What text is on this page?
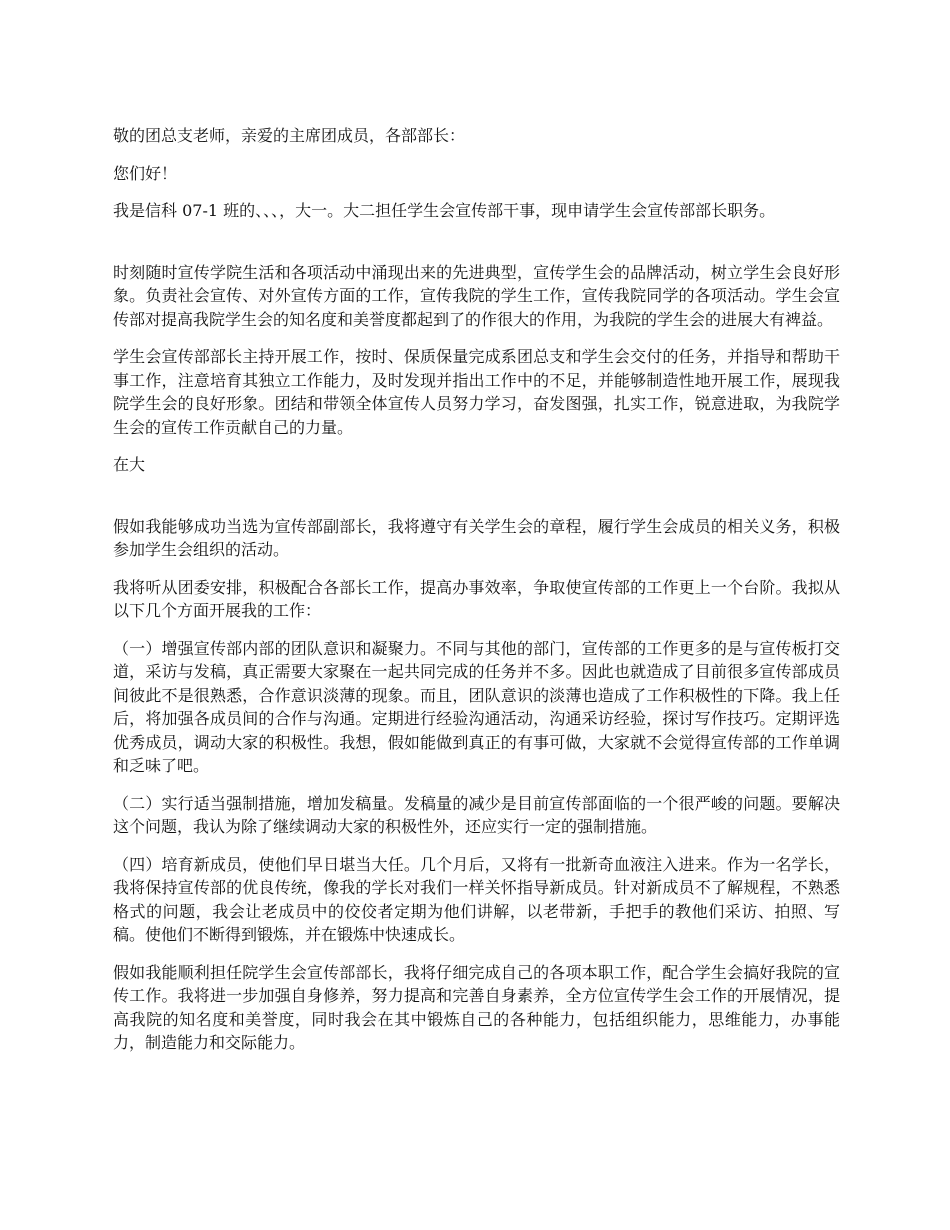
敬的团总支老师，亲爱的主席团成员，各部部长：

您们好！

我是信科 07-1 班的、、、，大一。大二担任学生会宣传部干事，现申请学生会宣传部部长职务。

时刻随时宣传学院生活和各项活动中涌现出来的先进典型，宣传学生会的品牌活动，树立学生会良好形象。负责社会宣传、对外宣传方面的工作，宣传我院的学生工作，宣传我院同学的各项活动。学生会宣传部对提高我院学生会的知名度和美誉度都起到了的作很大的作用，为我院的学生会的进展大有裨益。

学生会宣传部部长主持开展工作，按时、保质保量完成系团总支和学生会交付的任务，并指导和帮助干事工作，注意培育其独立工作能力，及时发现并指出工作中的不足，并能够制造性地开展工作，展现我院学生会的良好形象。团结和带领全体宣传人员努力学习，奋发图强，扎实工作，锐意进取，为我院学生会的宣传工作贡献自己的力量。

在大

假如我能够成功当选为宣传部副部长，我将遵守有关学生会的章程，履行学生会成员的相关义务，积极参加学生会组织的活动。

我将听从团委安排，积极配合各部长工作，提高办事效率，争取使宣传部的工作更上一个台阶。我拟从以下几个方面开展我的工作：

（一）增强宣传部内部的团队意识和凝聚力。不同与其他的部门，宣传部的工作更多的是与宣传板打交道，采访与发稿，真正需要大家聚在一起共同完成的任务并不多。因此也就造成了目前很多宣传部成员间彼此不是很熟悉，合作意识淡薄的现象。而且，团队意识的淡薄也造成了工作积极性的下降。我上任后，将加强各成员间的合作与沟通。定期进行经验沟通活动，沟通采访经验，探讨写作技巧。定期评选优秀成员，调动大家的积极性。我想，假如能做到真正的有事可做，大家就不会觉得宣传部的工作单调和乏味了吧。

（二）实行适当强制措施，增加发稿量。发稿量的减少是目前宣传部面临的一个很严峻的问题。要解决这个问题，我认为除了继续调动大家的积极性外，还应实行一定的强制措施。

（四）培育新成员，使他们早日堪当大任。几个月后，又将有一批新奇血液注入进来。作为一名学长，我将保持宣传部的优良传统，像我的学长对我们一样关怀指导新成员。针对新成员不了解规程，不熟悉格式的问题，我会让老成员中的佼佼者定期为他们讲解，以老带新，手把手的教他们采访、拍照、写稿。使他们不断得到锻炼，并在锻炼中快速成长。

假如我能顺利担任院学生会宣传部部长，我将仔细完成自己的各项本职工作，配合学生会搞好我院的宣传工作。我将进一步加强自身修养，努力提高和完善自身素养，全方位宣传学生会工作的开展情况，提高我院的知名度和美誉度，同时我会在其中锻炼自己的各种能力，包括组织能力，思维能力，办事能力，制造能力和交际能力。
